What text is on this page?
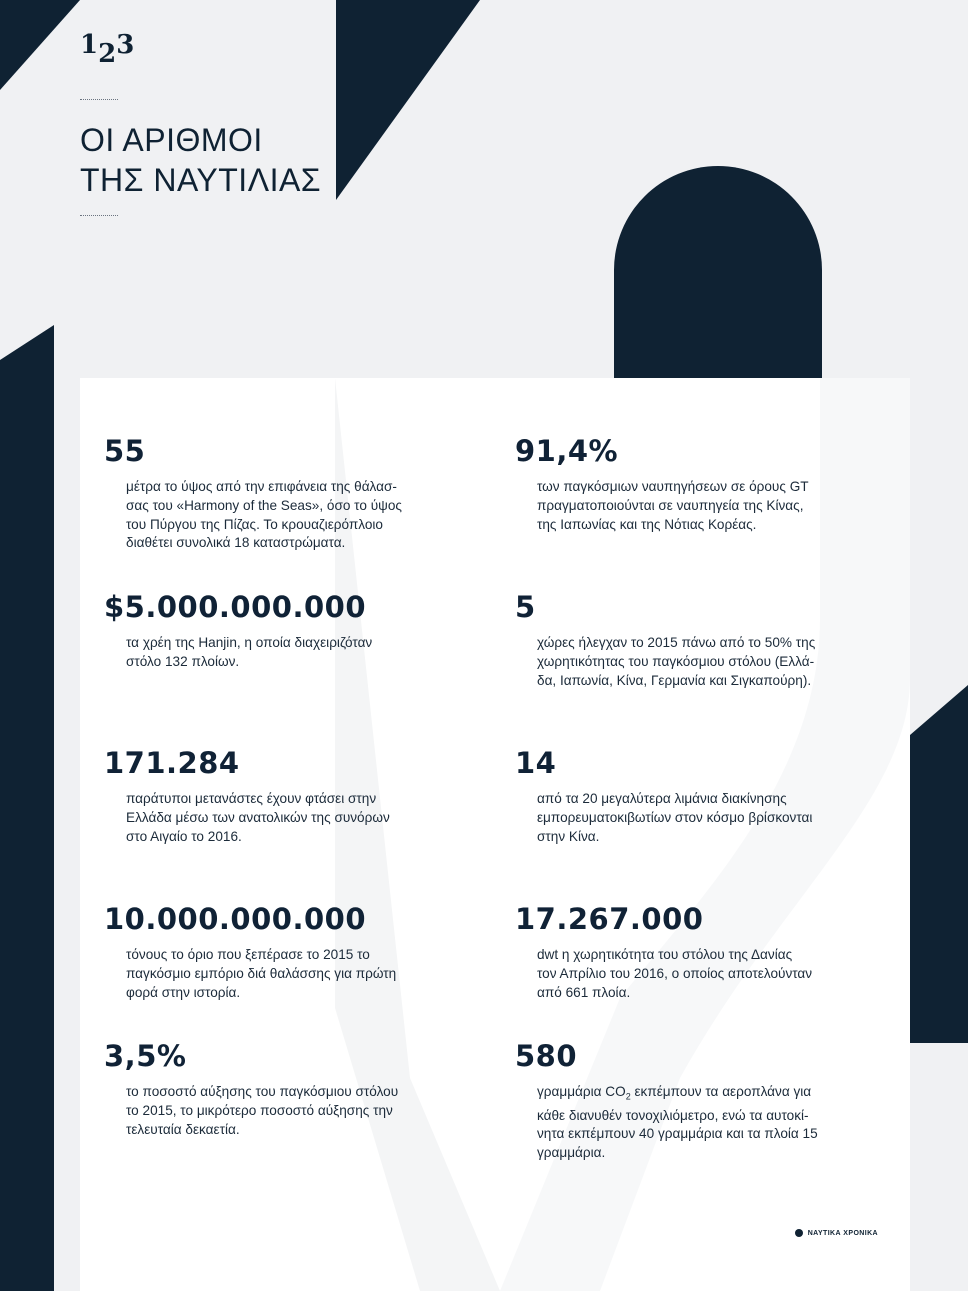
123
ΟΙ ΑΡΙΘΜΟΙ
ΤΗΣ ΝΑΥΤΙΛΙΑΣ
55
μέτρα το ύψος από την επιφάνεια της θάλασ-
σας του «Harmony of the Seas», όσο το ύψος
του Πύργου της Πίζας. Το κρουαζιερόπλοιο
διαθέτει συνολικά 18 καταστρώματα.
$5.000.000.000
τα χρέη της Hanjin, η οποία διαχειριζόταν
στόλο 132 πλοίων.
171.284
παράτυποι μετανάστες έχουν φτάσει στην
Ελλάδα μέσω των ανατολικών της συνόρων
στο Αιγαίο το 2016.
10.000.000.000
τόνους το όριο που ξεπέρασε το 2015 το
παγκόσμιο εμπόριο διά θαλάσσης για πρώτη
φορά στην ιστορία.
3,5%
το ποσοστό αύξησης του παγκόσμιου στόλου
το 2015, το μικρότερο ποσοστό αύξησης την
τελευταία δεκαετία.
91,4%
των παγκόσμιων ναυπηγήσεων σε όρους GT
πραγματοποιούνται σε ναυπηγεία της Κίνας,
της Ιαπωνίας και της Νότιας Κορέας.
5
χώρες ήλεγχαν το 2015 πάνω από το 50% της
χωρητικότητας του παγκόσμιου στόλου (Ελλά-
δα, Ιαπωνία, Κίνα, Γερμανία και Σιγκαπούρη).
14
από τα 20 μεγαλύτερα λιμάνια διακίνησης
εμπορευματοκιβωτίων στον κόσμο βρίσκονται
στην Κίνα.
17.267.000
dwt η χωρητικότητα του στόλου της Δανίας
τον Απρίλιο του 2016, ο οποίος αποτελούνταν
από 661 πλοία.
580
γραμμάρια $CO_2$ εκπέμπουν τα αεροπλάνα για
κάθε διανυθέν τονοχιλιόμετρο, ενώ τα αυτοκί-
νητα εκπέμπουν 40 γραμμάρια και τα πλοία 15
γραμμάρια.
ΝΑΥΤΙΚΑ ΧΡΟΝΙΚΑ
